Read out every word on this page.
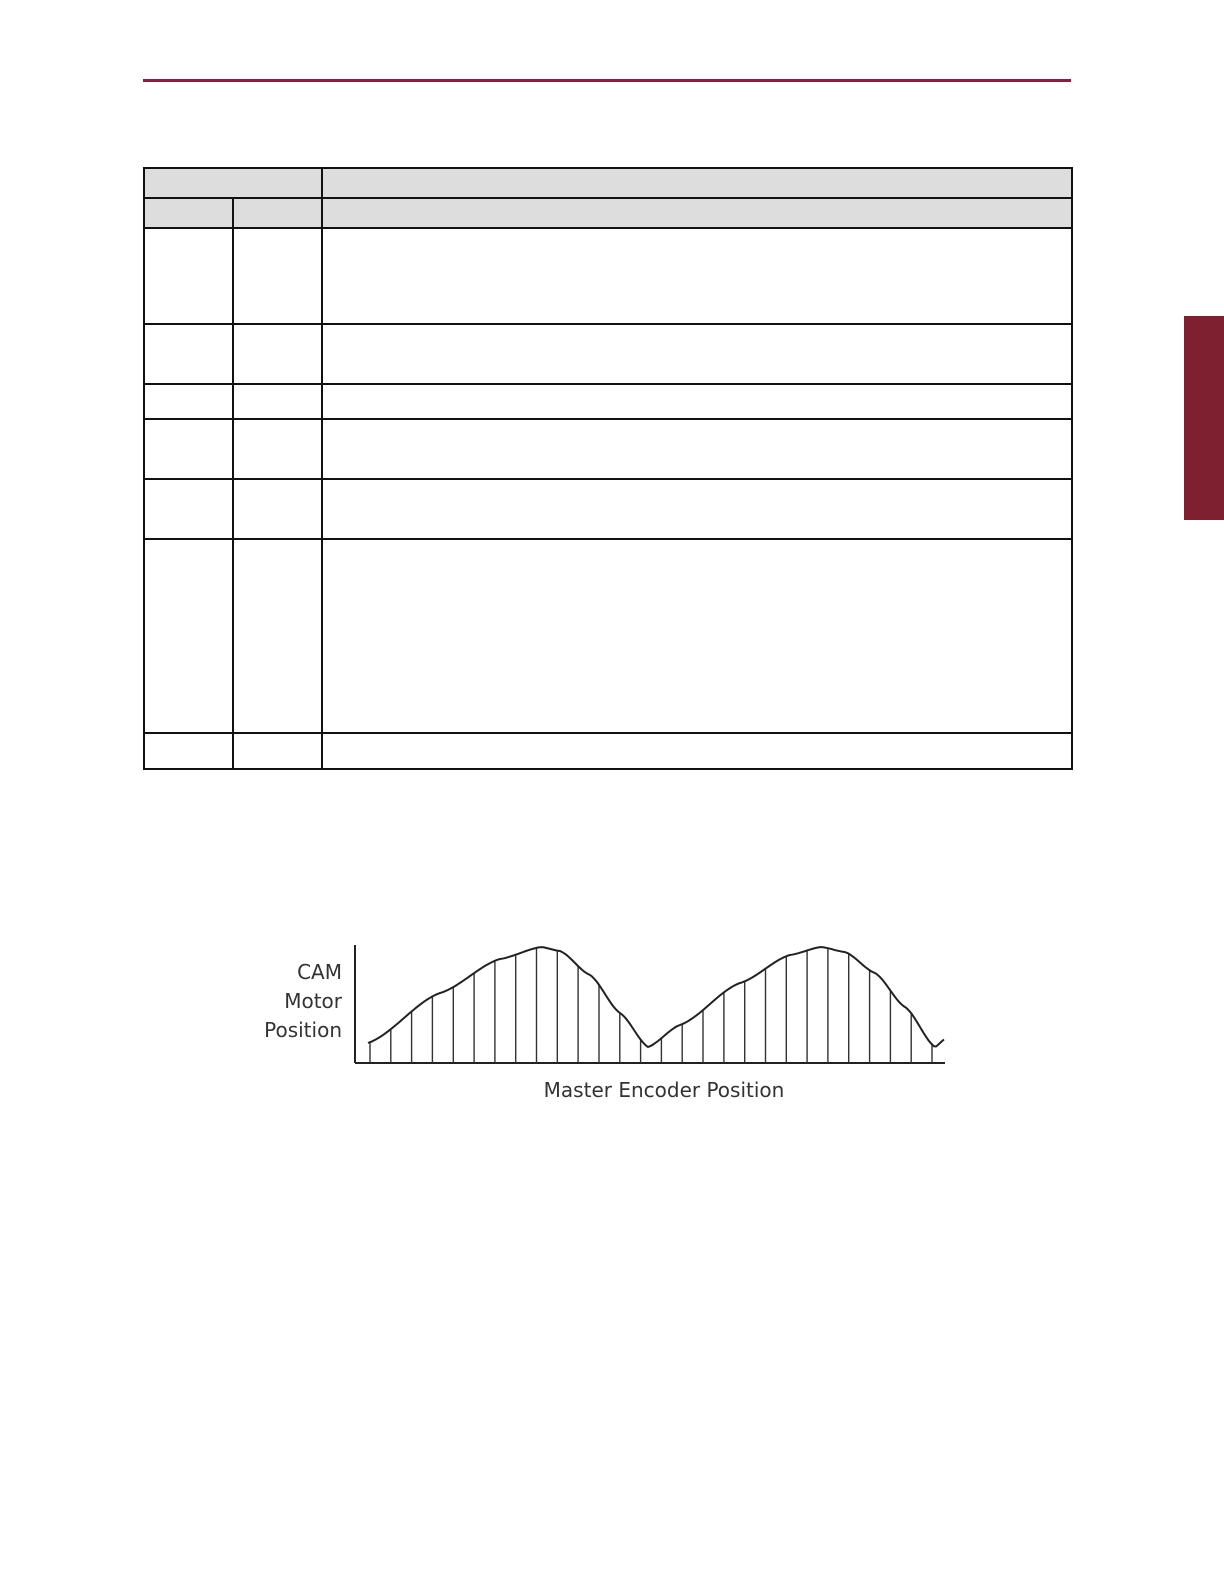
CAM
Motor
Position
Master Encoder Position
